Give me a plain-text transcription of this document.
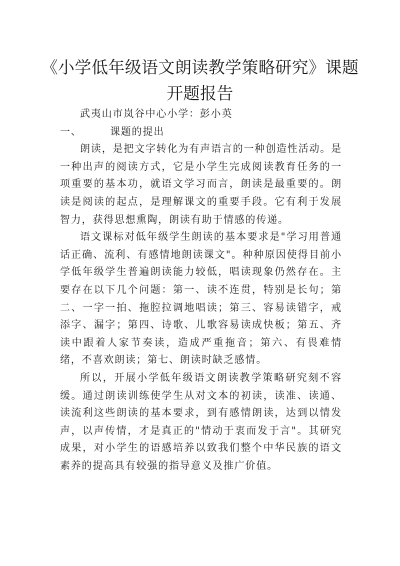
《小学低年级语文朗读教学策略研究》课题开题报告

武夷山市岚谷中心小学：彭小英

一、	课题的提出

朗读，是把文字转化为有声语言的一种创造性活动。是一种出声的阅读方式，它是小学生完成阅读教育任务的一项重要的基本功，就语文学习而言，朗读是最重要的。朗读是阅读的起点，是理解课文的重要手段。它有利于发展智力，获得思想熏陶，朗读有助于情感的传递。

语文课标对低年级学生朗读的基本要求是"学习用普通话正确、流利、有感情地朗读课文"。种种原因使得目前小学低年级学生普遍朗读能力较低，唱读现象仍然存在。主要存在以下几个问题：第一、读不连贯，特别是长句；第二、一字一拍、拖腔拉调地唱读；第三、容易读错字，戒添字、漏字；第四、诗歌、儿歌容易读成快板；第五、齐读中跟着人家节奏读，造成严重拖音；第六、有畏难情绪，不喜欢朗读；第七、朗读时缺乏感情。

所以，开展小学低年级语文朗读教学策略研究刻不容缓。通过朗读训练使学生从对文本的初读，读准、读通、读流利这些朗读的基本要求，到有感情朗读，达到以情发声，以声传情，才是真正的"情动于衷而发于言"。其研究成果，对小学生的语感培养以致我们整个中华民族的语文素养的提高具有较强的指导意义及推广价值。
